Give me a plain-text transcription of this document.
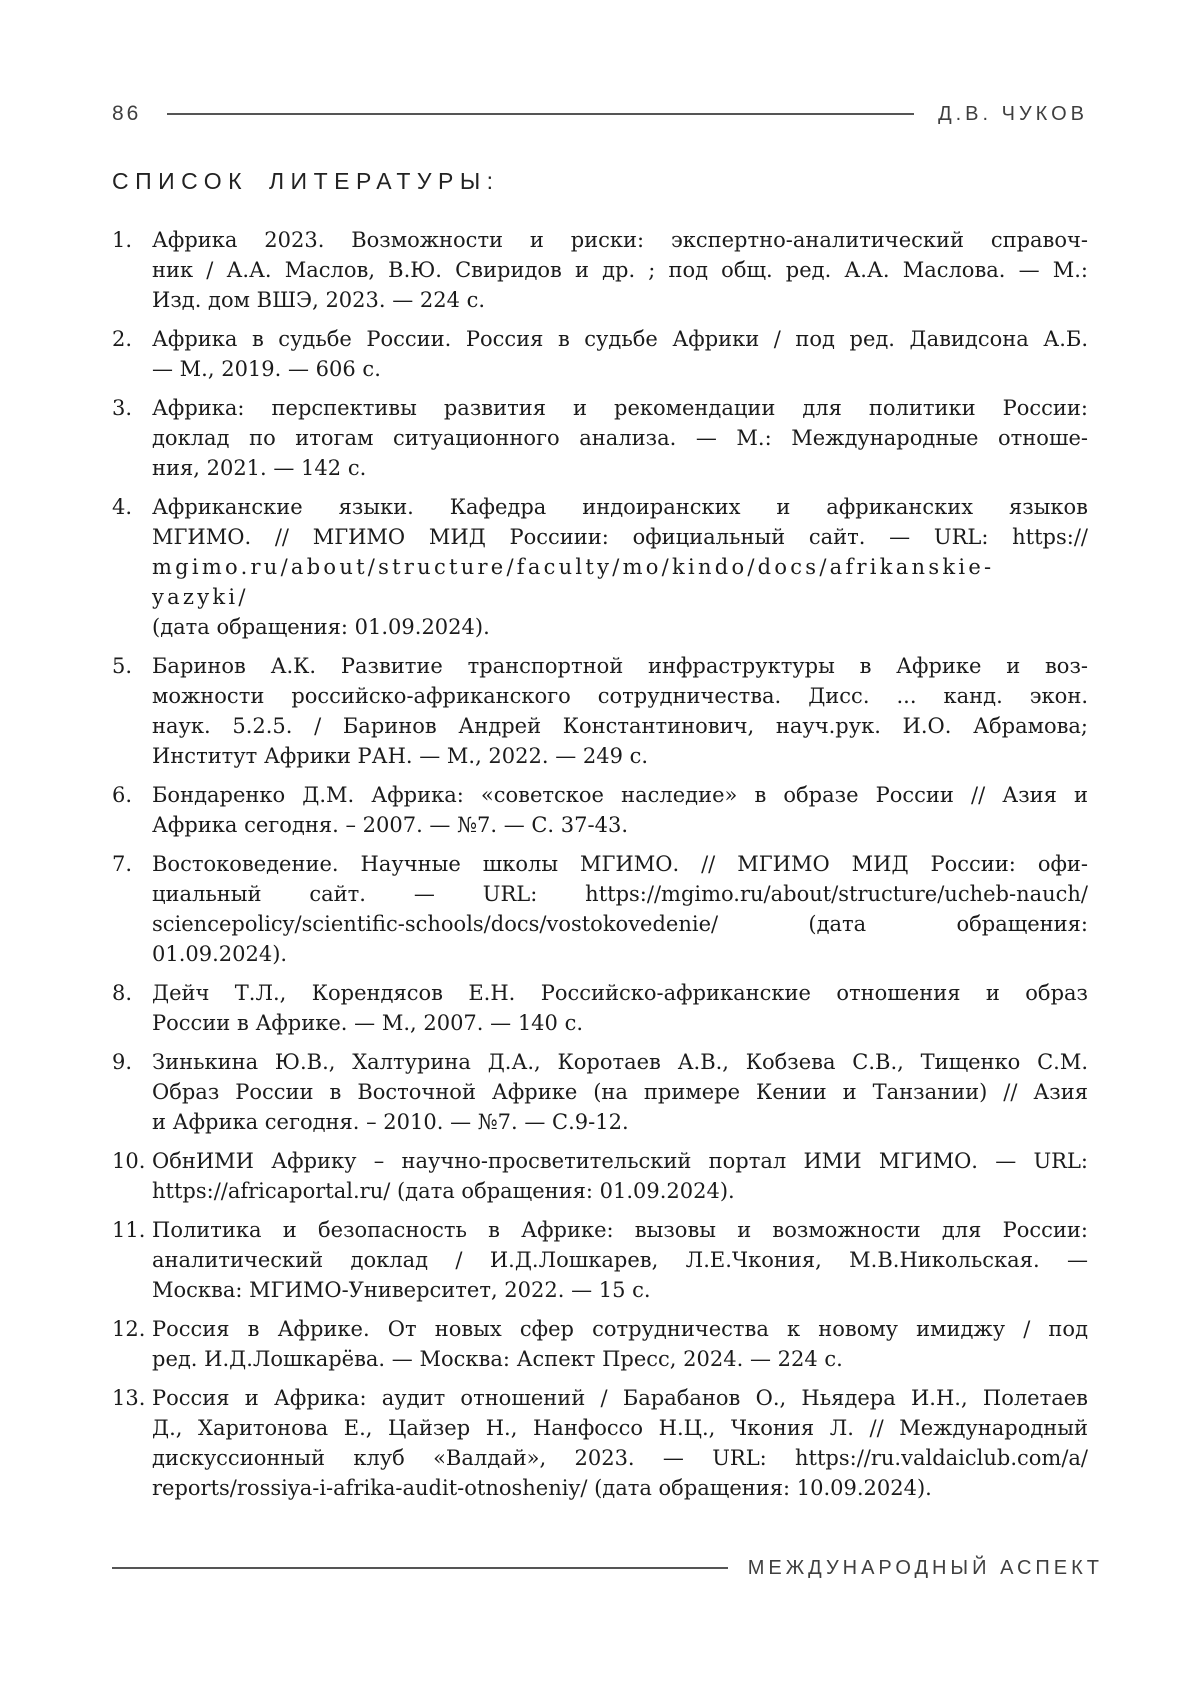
86	Д.В. ЧУКОВ
СПИСОК ЛИТЕРАТУРЫ:
1. Африка 2023. Возможности и риски: экспертно-аналитический справоч-
ник / А.А. Маслов, В.Ю. Свиридов и др. ; под общ. ред. А.А. Маслова. — М.:
Изд. дом ВШЭ, 2023. — 224 с.
2. Африка в судьбе России. Россия в судьбе Африки / под ред. Давидсона А.Б.
— М., 2019. — 606 с.
3. Африка: перспективы развития и рекомендации для политики России:
доклад по итогам ситуационного анализа. — М.: Международные отноше-
ния, 2021. — 142 с.
4. Африканские языки. Кафедра индоиранских и африканских языков
МГИМО. // МГИМО МИД Россиии: официальный сайт. — URL: https://
mgimo.ru/about/structure/faculty/mo/kindo/docs/afrikanskie-yazyki/
(дата обращения: 01.09.2024).
5. Баринов А.К. Развитие транспортной инфраструктуры в Африке и воз-
можности российско-африканского сотрудничества. Дисс. ... канд. экон.
наук. 5.2.5. / Баринов Андрей Константинович, науч.рук. И.О. Абрамова;
Институт Африки РАН. — М., 2022. — 249 с.
6. Бондаренко Д.М. Африка: «советское наследие» в образе России // Азия и
Африка сегодня. – 2007. — №7. — С. 37-43.
7. Востоковедение. Научные школы МГИМО. // МГИМО МИД России: офи-
циальный сайт. — URL: https://mgimo.ru/about/structure/ucheb-nauch/
sciencepolicy/scientific-schools/docs/vostokovedenie/ (дата обращения:
01.09.2024).
8. Дейч Т.Л., Корендясов Е.Н. Российско-африканские отношения и образ
России в Африке. — М., 2007. — 140 с.
9. Зинькина Ю.В., Халтурина Д.А., Коротаев А.В., Кобзева С.В., Тищенко С.М.
Образ России в Восточной Африке (на примере Кении и Танзании) // Азия
и Африка сегодня. – 2010. — №7. — С.9-12.
10. ОбнИМИ Африку – научно-просветительский портал ИМИ МГИМО. — URL:
https://africaportal.ru/ (дата обращения: 01.09.2024).
11. Политика и безопасность в Африке: вызовы и возможности для России:
аналитический доклад / И.Д.Лошкарев, Л.Е.Чкония, М.В.Никольская. —
Москва: МГИМО-Университет, 2022. — 15 с.
12. Россия в Африке. От новых сфер сотрудничества к новому имиджу / под
ред. И.Д.Лошкарёва. — Москва: Аспект Пресс, 2024. — 224 с.
13. Россия и Африка: аудит отношений / Барабанов О., Ньядера И.Н., Полетаев
Д., Харитонова Е., Цайзер Н., Нанфоссо Н.Ц., Чкония Л. // Международный
дискуссионный клуб «Валдай», 2023. — URL: https://ru.valdaiclub.com/a/
reports/rossiya-i-afrika-audit-otnosheniy/ (дата обращения: 10.09.2024).
МЕЖДУНАРОДНЫЙ АСПЕКТ
